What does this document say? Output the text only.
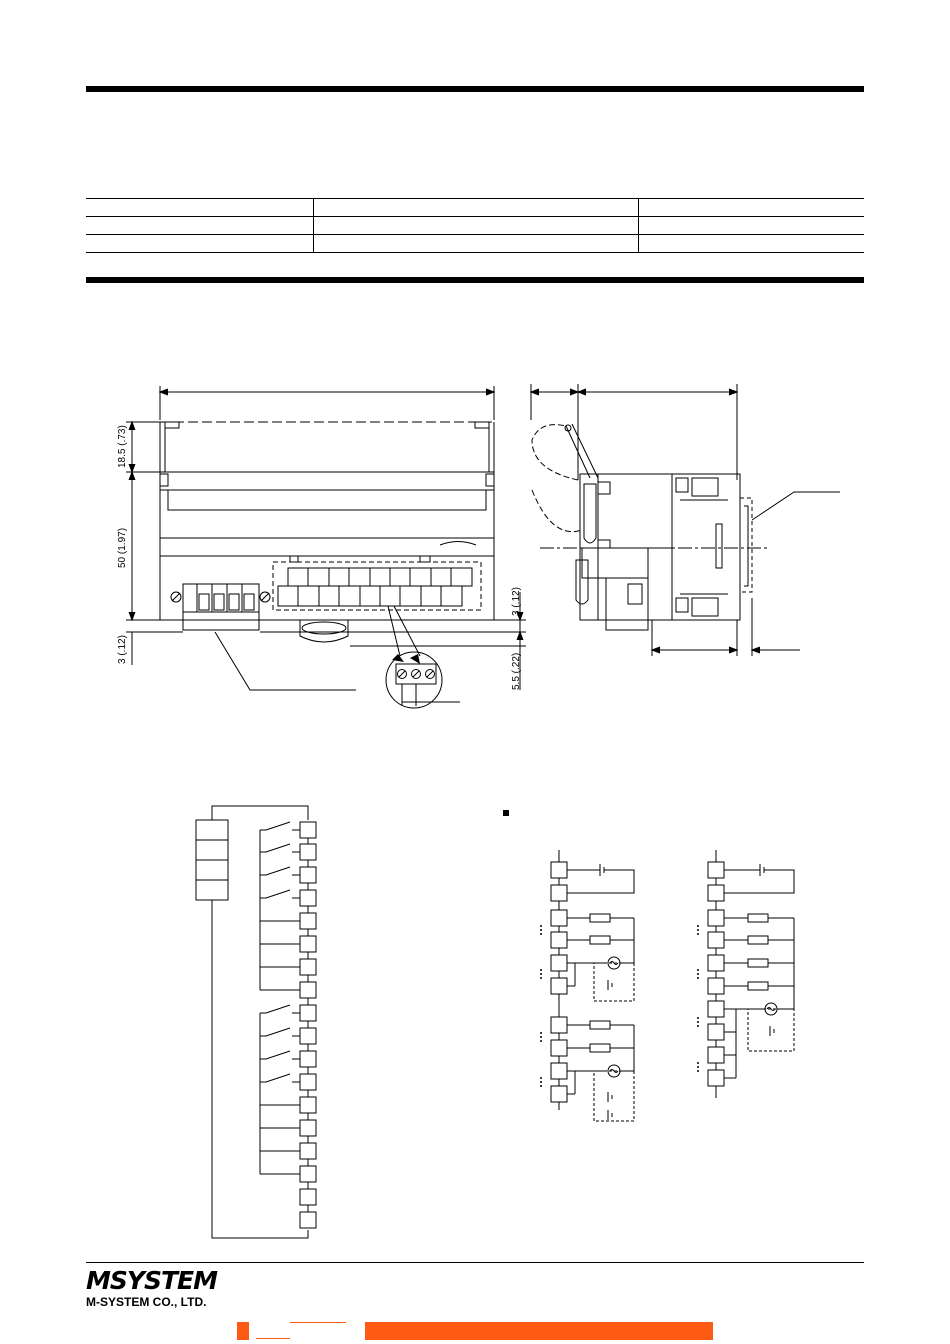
18.5 (.73)
50 (1.97)
3 (.12)
3 (.12)
5.5 (.22)
MSYSTEM
M-SYSTEM CO., LTD.
